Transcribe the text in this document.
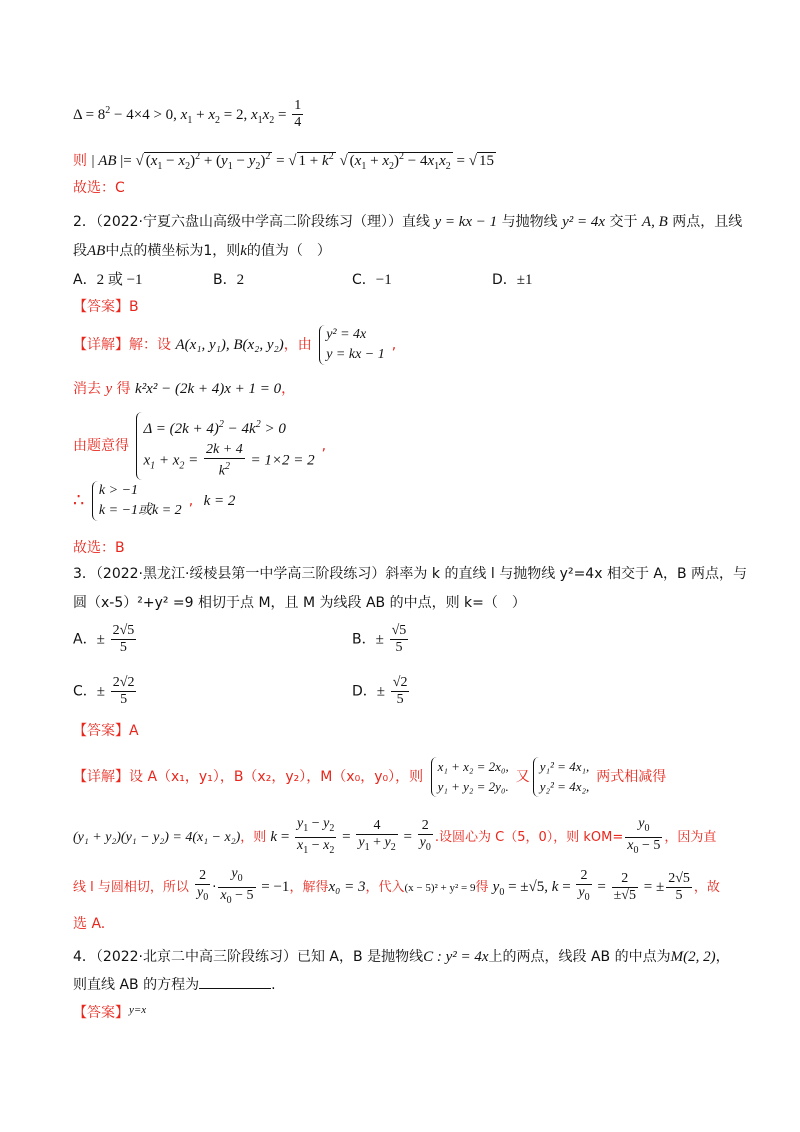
$\Delta = 8^2 - 4\times 4 > 0$, $x_1 + x_2 = 2$, $x_1x_2 = \frac{1}{4}$
则 | AB |= √ $(x_1 - x_2)^2 + (y_1 - y_2)^2$ = √ $1 + k^2$ √ $(x_1 + x_2)^2 - 4x_1x_2$ = √ 15
故选：C
2．（2022·宁夏六盘山高级中学高二阶段练习（理））直线 y = kx − 1 与抛物线 y² = 4x 交于 A, B 两点，且线
段AB中点的横坐标为1，则k的值为（　）
A．2 或 −1	B．2	C．−1	D．±1
【答案】B
【详解】解：设 A(x₁, y₁), B(x₂, y₂)，由
y² = 4x
y = kx − 1
,
消去 y 得 k²x² − (2k + 4)x + 1 = 0，
由题意得
$\Delta = (2k + 4)^2 - 4k^2 > 0$
$x_1 + x_2 = \frac{2k + 4}{k^2} = 1\times 2 = 2$
,
∴ k > −1
k = −1或k = 2
, k = 2
故选：B
3．（2022·黑龙江·绥棱县第一中学高三阶段练习）斜率为 k 的直线 l 与抛物线 y²=4x 相交于 A，B 两点，与
圆（x-5）²+y² =9 相切于点 M，且 M 为线段 AB 的中点，则 k=（　）
A．± $\frac{2√5}{5}$	B．± $\frac{√5}{5}$
C．± $\frac{2√2}{5}$	D．± $\frac{√2}{5}$
【答案】A
【详解】设 A（x₁，y₁），B（x₂，y₂），M（x₀，y₀），则
x₁ + x₂ = 2x₀,
y₁ + y₂ = 2y₀.
又
y₁² = 4x₁,
y₂² = 4x₂,
两式相减得
(y₁ + y₂)(y₁ − y₂) = 4(x₁ − x₂)，则 $k = \frac{y_1 - y_2}{x_1 - x_2} = \frac{4}{y_1 + y_2} = \frac{2}{y_0}$ .设圆心为 C（5，0），则 $kOM= \frac{y_0}{x_0 - 5}$ ，因为直
线 l 与圆相切，所以 $\frac{2}{y_0} \cdot \frac{y_0}{x_0 - 5} = -1$，解得x₀ = 3，代入(x − 5)² + y² = 9得 $y_0 = \pm√5$, $k = \frac{2}{y_0} = \frac{2}{\pm√5}$ = ± $\frac{2√5}{5}$ ，故
选 A.
4．（2022·北京二中高三阶段练习）已知 A，B 是抛物线C : y² = 4x上的两点，线段 AB 的中点为M(2, 2)，
则直线 AB 的方程为	.
【答案】$^{y=x}$
